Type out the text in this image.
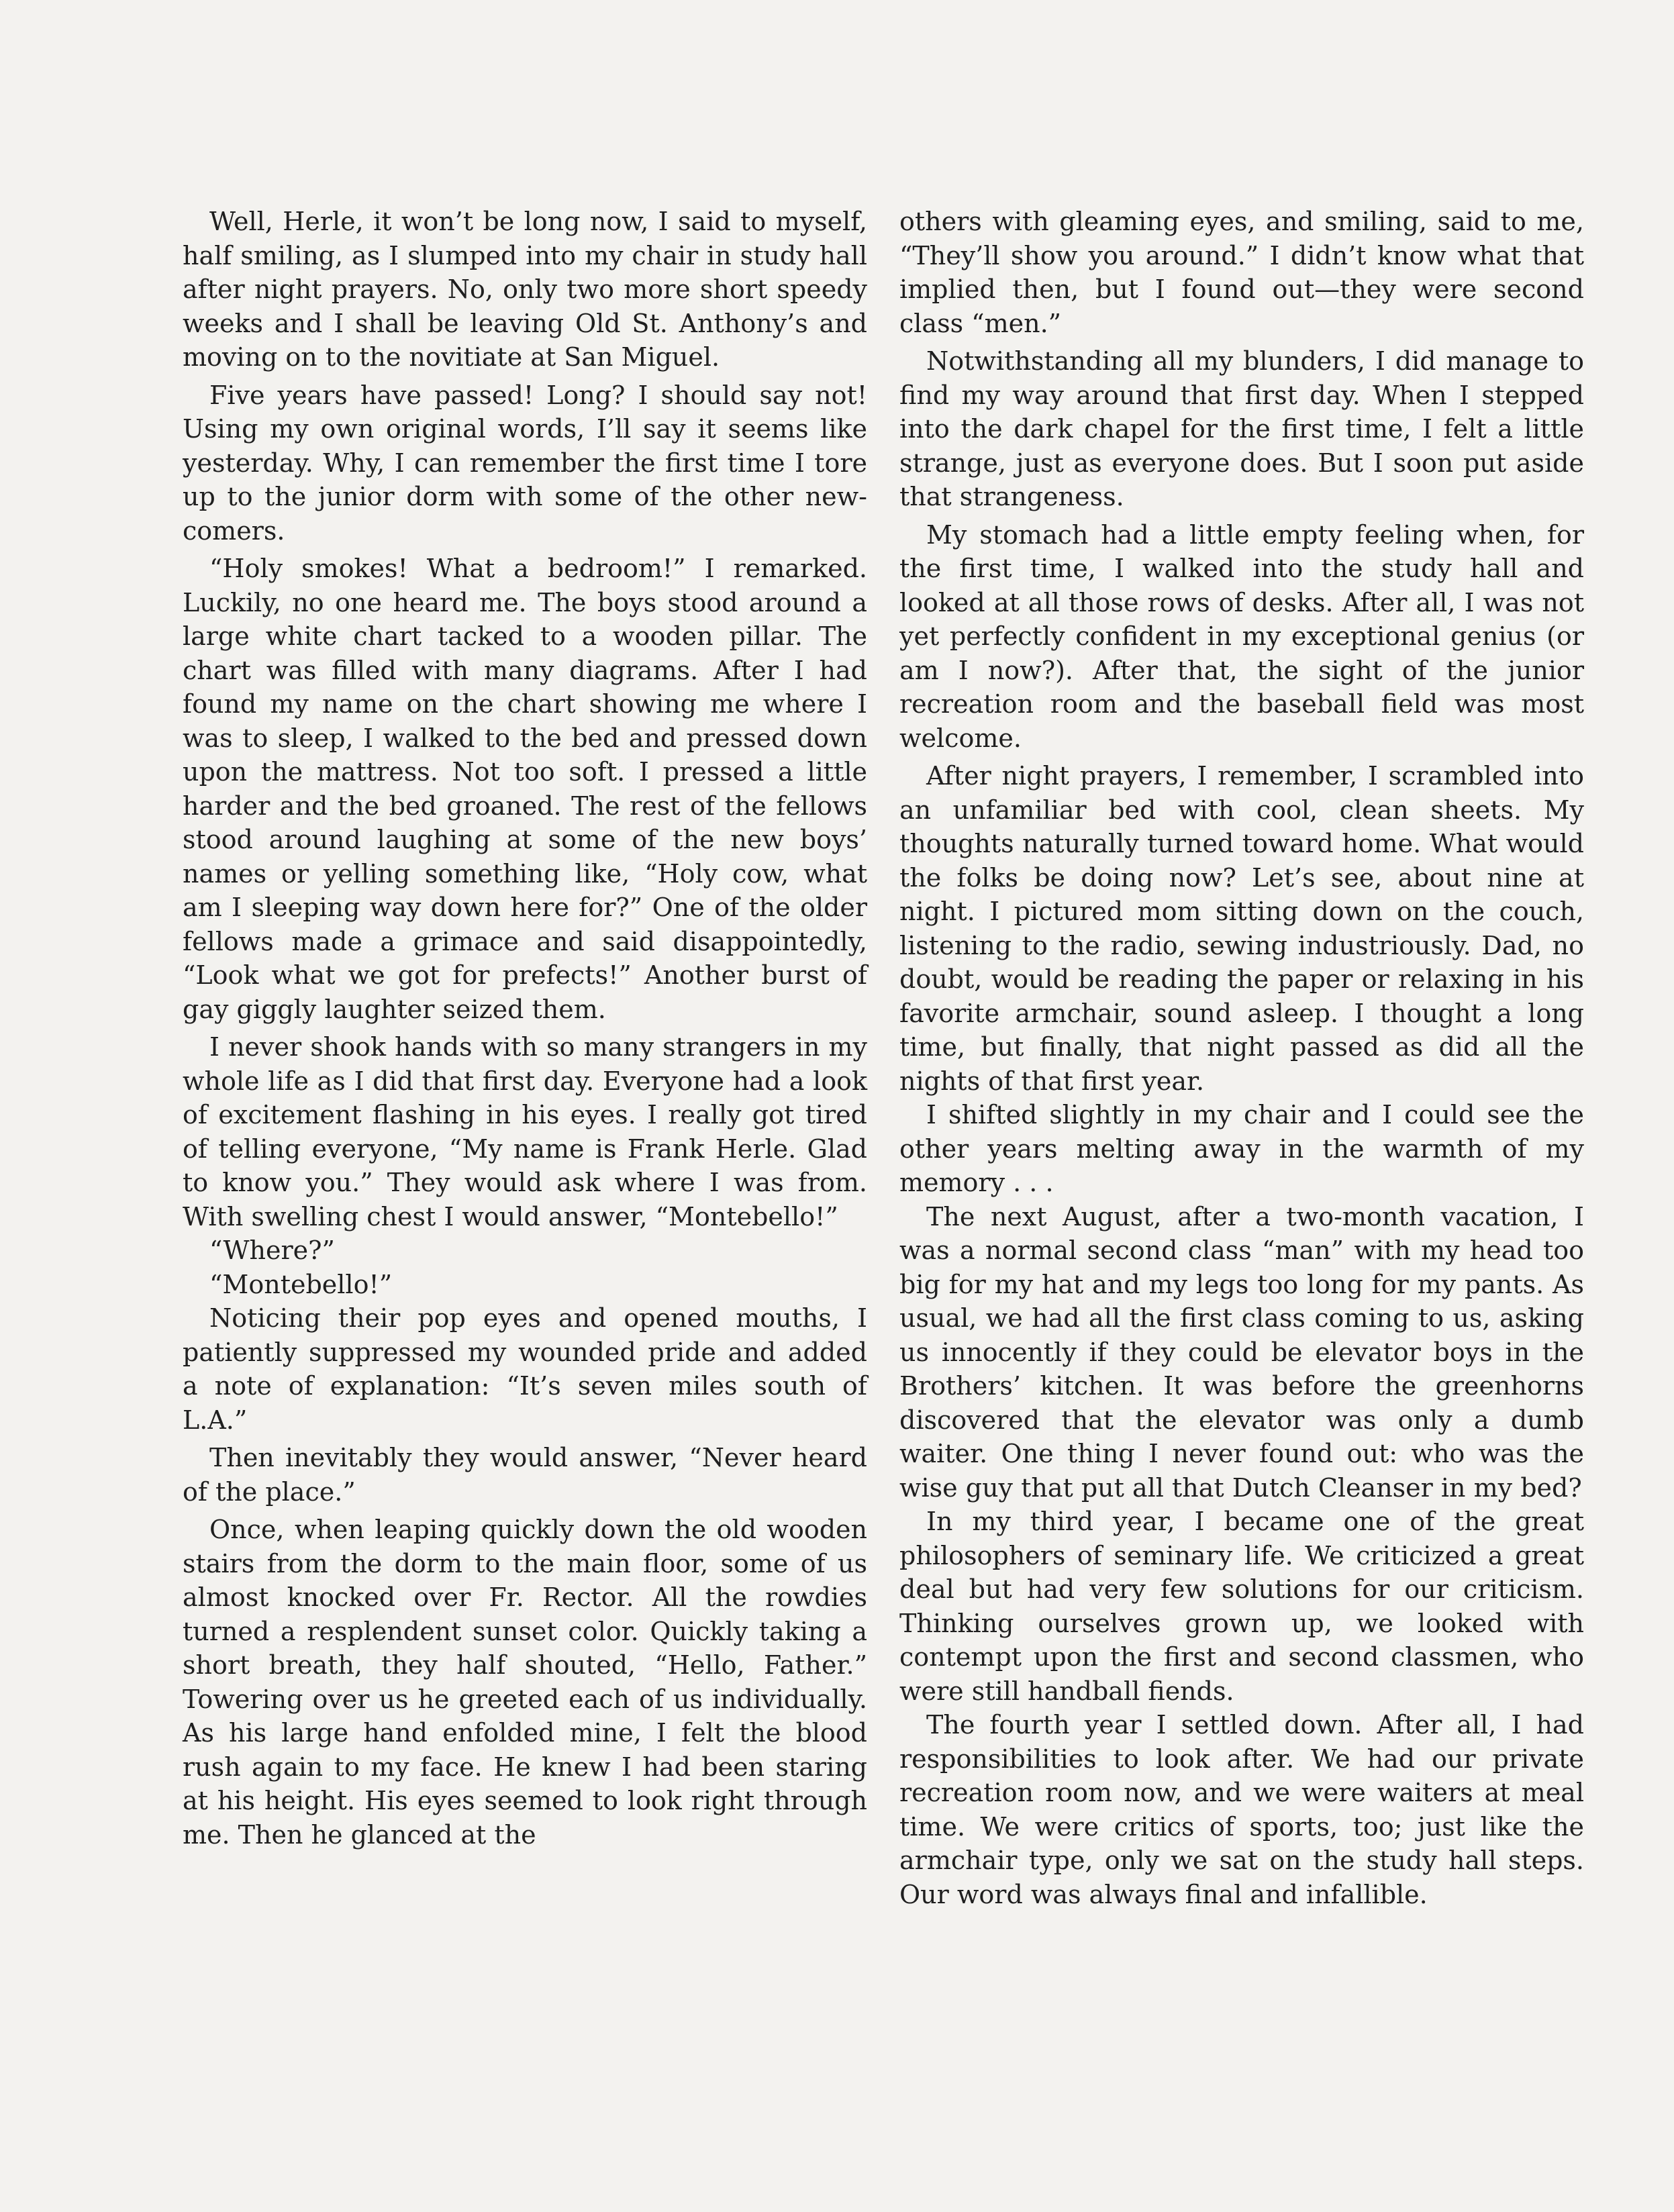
Well, Herle, it won’t be long now, I said to myself, half smiling, as I slumped into my chair in study hall after night prayers. No, only two more short speedy weeks and I shall be leaving Old St. Anthony’s and moving on to the novitiate at San Miguel.

Five years have passed! Long? I should say not! Using my own original words, I’ll say it seems like yesterday. Why, I can remember the first time I tore up to the junior dorm with some of the other new-comers.

“Holy smokes! What a bedroom!” I remarked. Luckily, no one heard me. The boys stood around a large white chart tacked to a wooden pillar. The chart was filled with many diagrams. After I had found my name on the chart showing me where I was to sleep, I walked to the bed and pressed down upon the mattress. Not too soft. I pressed a little harder and the bed groaned. The rest of the fellows stood around laughing at some of the new boys’ names or yelling something like, “Holy cow, what am I sleeping way down here for?” One of the older fellows made a grimace and said disappointedly, “Look what we got for prefects!” Another burst of gay giggly laughter seized them.

I never shook hands with so many strangers in my whole life as I did that first day. Everyone had a look of excitement flashing in his eyes. I really got tired of telling everyone, “My name is Frank Herle. Glad to know you.” They would ask where I was from. With swelling chest I would answer, “Montebello!”

“Where?”

“Montebello!”

Noticing their pop eyes and opened mouths, I patiently suppressed my wounded pride and added a note of explanation: “It’s seven miles south of L.A.”

Then inevitably they would answer, “Never heard of the place.”

Once, when leaping quickly down the old wooden stairs from the dorm to the main floor, some of us almost knocked over Fr. Rector. All the rowdies turned a resplendent sunset color. Quickly taking a short breath, they half shouted, “Hello, Father.” Towering over us he greeted each of us individually. As his large hand enfolded mine, I felt the blood rush again to my face. He knew I had been staring at his height. His eyes seemed to look right through me. Then he glanced at the

others with gleaming eyes, and smiling, said to me, “They’ll show you around.” I didn’t know what that implied then, but I found out—they were second class “men.”

Notwithstanding all my blunders, I did manage to find my way around that first day. When I stepped into the dark chapel for the first time, I felt a little strange, just as everyone does. But I soon put aside that strangeness.

My stomach had a little empty feeling when, for the first time, I walked into the study hall and looked at all those rows of desks. After all, I was not yet perfectly confident in my exceptional genius (or am I now?). After that, the sight of the junior recreation room and the baseball field was most welcome.

After night prayers, I remember, I scrambled into an unfamiliar bed with cool, clean sheets. My thoughts naturally turned toward home. What would the folks be doing now? Let’s see, about nine at night. I pictured mom sitting down on the couch, listening to the radio, sewing industriously. Dad, no doubt, would be reading the paper or relaxing in his favorite armchair, sound asleep. I thought a long time, but finally, that night passed as did all the nights of that first year.

I shifted slightly in my chair and I could see the other years melting away in the warmth of my memory . . .

The next August, after a two-month vacation, I was a normal second class “man” with my head too big for my hat and my legs too long for my pants. As usual, we had all the first class coming to us, asking us innocently if they could be elevator boys in the Brothers’ kitchen. It was before the greenhorns discovered that the elevator was only a dumb waiter. One thing I never found out: who was the wise guy that put all that Dutch Cleanser in my bed?

In my third year, I became one of the great philosophers of seminary life. We criticized a great deal but had very few solutions for our criticism. Thinking ourselves grown up, we looked with contempt upon the first and second classmen, who were still handball fiends.

The fourth year I settled down. After all, I had responsibilities to look after. We had our private recreation room now, and we were waiters at meal time. We were critics of sports, too; just like the armchair type, only we sat on the study hall steps. Our word was always final and infallible.
